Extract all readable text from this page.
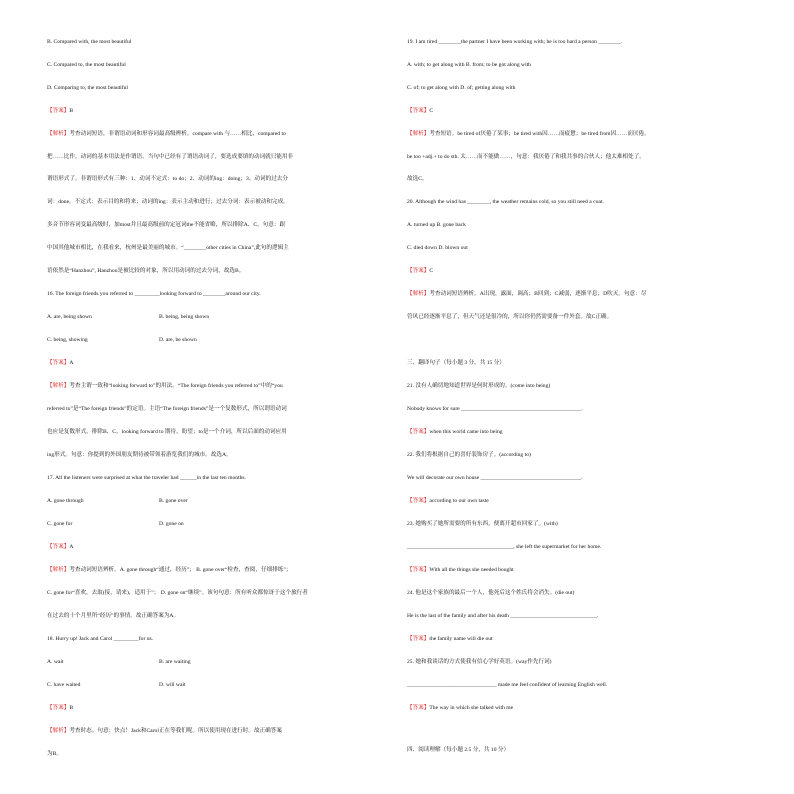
B. Compared with, the most beautiful
C. Compared to, the most beautiful
D. Comparing to, the most beautiful
【答案】B
【解析】考查动词短语，非谓语动词和形容词最高级辨析。compare with 与……相比，compared to
把……比作。动词的基本用法是作谓语，当句中已经有了谓语动词了，要选成要填的动词就只能用非
谓语形式了。非谓语形式有三种：1、动词不定式：to do；2、动词的ing：doing；3、动词的过去分
词：done。不定式：表示目的和将来；动词的ing：表示主动和进行；过去分词：表示被动和完成。
多音节形容词变最高级时，加most并且最高级前的定冠词the不能省略，所以排除A、C。句意：跟
中国其他城市相比，在我看来，杭州是最美丽的城市。“________other cities in China”,此句的逻辑主
语依然是“Hanzhou”, Hanzhou是被比较的对象，所以用动词的过去分词，故选B。
16. The foreign friends you referred to _________looking forward to ________around our city.
A. are, being shown	B. being, being shown
C. being, showing	D. are, be shown
【答案】A
【解析】考查主谓一致和“looking forward to”的用法。“The foreign friends you referred to”中的“you
referred to”是“The foreign friends”的定语。主语“The foreign friends”是一个复数形式，所以谓语动词
也应是复数形式，排除B、C。looking forward to 期待，盼望；to是一个介词，所以后面的动词应用
ing形式。句意：你提到的外国朋友期待被带领着游览我们的城市。故选A。
17. All the listeners were surprised at what the traveler had ______in the last ten months.
A. gone through	B. gone over
C. gone for	D. gone on
【答案】A
【解析】考查动词短语辨析。A. gone through“通过，经历”； B. gone over“检查，查阅，仔细排练”；
C. gone for“喜欢，去取(接，请来)，适用于”； D. gone on“继续”。该句句意：所有听众都惊讶于这个旅行者
在过去的十个月里所“经历”的事情。故正确答案为A。
18. Hurry up! Jack and Carol _________for us.
A. wait	B. are waiting
C. have waited	D. will wait
【答案】B
【解析】考查时态。句意：快点！Jack和Carol正在等我们呢。所以使用现在进行时。故正确答案
为B。
19. I am tired ________the partner I have been working with; he is too hard a person ________.
A. with; to get along with B. from; to be got along with
C. of; to get along with D. of; getting along with
【答案】C
【解析】考查短语。be tired of厌倦了某事；be tired with因……而疲惫；be tired from因……而厌倦。
be too +adj.+ to do sth. 太……而不能做……，句意：我厌倦了和我共事的合伙人；他太难相处了。
故选C。
20. Although the wind has ________, the weather remains cold, so you still need a coat.
A. turned up B. gone back
C. died down D. blown out
【答案】C
【解析】考查动词短语辨析。A出现，露面，调高；B回到；C减弱，逐渐平息；D吹灭。句意：尽
管风已经逐渐平息了，但天气还是很冷的，所以你仍然需要备一件外套。故C正确。
三、翻译句子（每小题 3 分，共 15 分）
21. 没有人确切地知道世界是何时形成的。(come into being)
Nobody knows for sure ___________________________________________.
【答案】when this world came into being
22. 我们将根据自己的喜好装饰房子。(according to)
We will decorate our own house ____________________________________.
【答案】according to our own taste
23. 她购买了她所需要的所有东西，便离开超市回家了。(with)
______________________________________, she left the supermarket for her home.
【答案】With all the things she needed bought
24. 他是这个家族的最后一个人，他死后这个姓氏将会消失。(die out)
He is the last of the family and after his death _______________________________.
【答案】the family name will die out
25. 她和我谈话的方式使我有信心学好英语。(way作先行词)
________________________________ made me feel confident of learning English well.
【答案】The way in which she talked with me
四、阅读理解（每小题 2.5 分，共 10 分）
